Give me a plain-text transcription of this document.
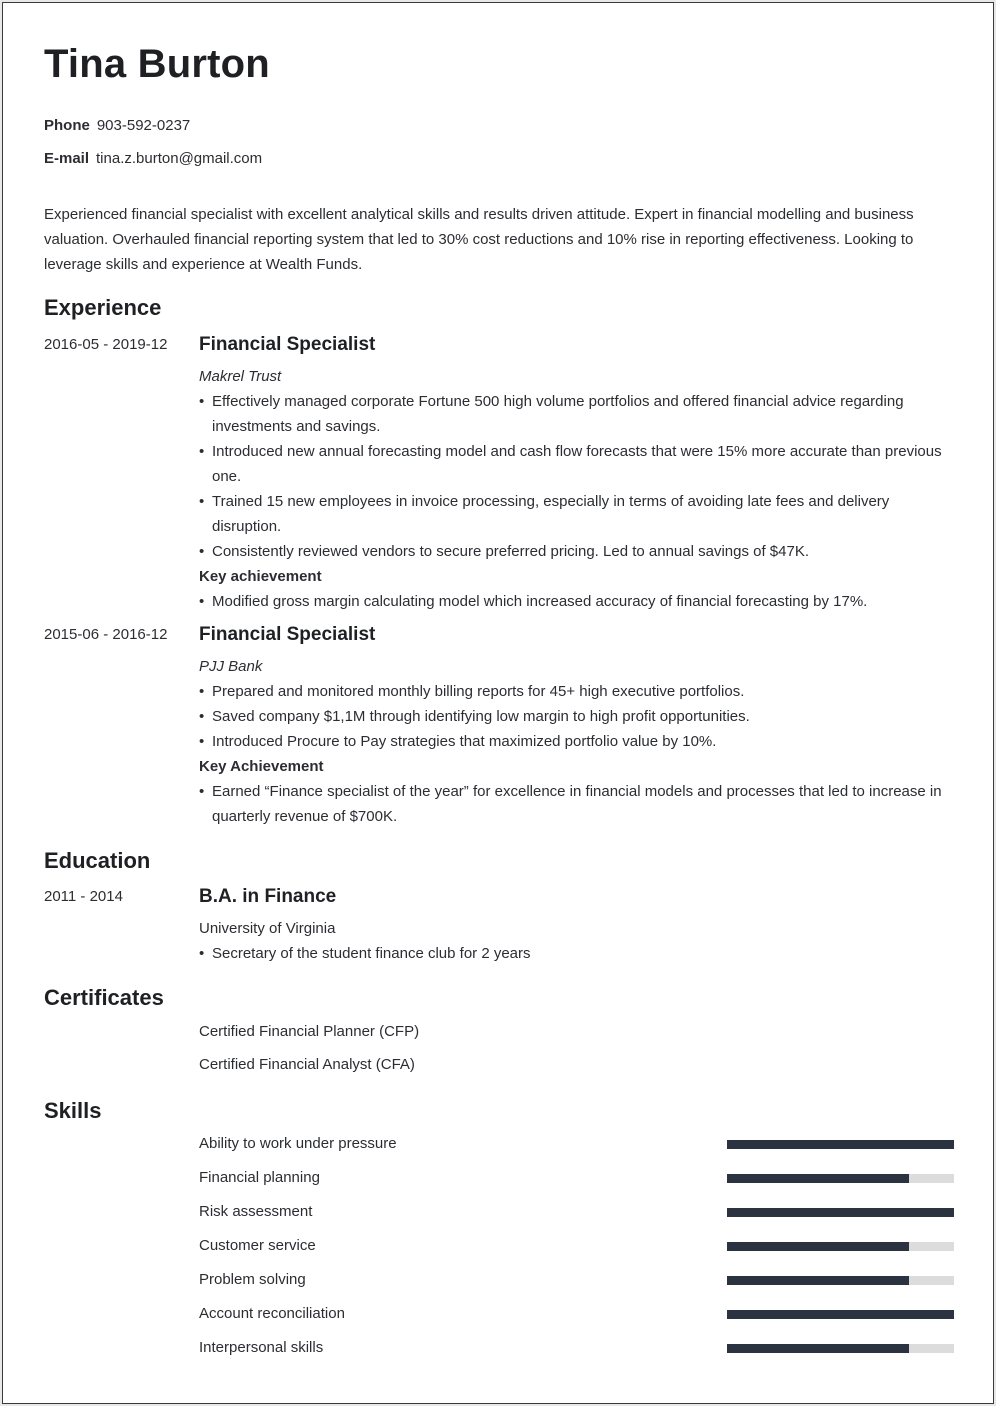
Tina Burton
Phone 903-592-0237
E-mail tina.z.burton@gmail.com

Experienced financial specialist with excellent analytical skills and results driven attitude. Expert in financial modelling and business valuation. Overhauled financial reporting system that led to 30% cost reductions and 10% rise in reporting effectiveness. Looking to leverage skills and experience at Wealth Funds.

Experience
2016-05 - 2019-12 Financial Specialist

Makrel Trust

• Effectively managed corporate Fortune 500 high volume portfolios and offered financial advice regarding investments and savings.
• Introduced new annual forecasting model and cash flow forecasts that were 15% more accurate than previous one.
• Trained 15 new employees in invoice processing, especially in terms of avoiding late fees and delivery disruption.
• Consistently reviewed vendors to secure preferred pricing. Led to annual savings of $47K.

Key achievement

• Modified gross margin calculating model which increased accuracy of financial forecasting by 17%.
2015-06 - 2016-12 Financial Specialist

PJJ Bank

• Prepared and monitored monthly billing reports for 45+ high executive portfolios.
• Saved company $1,1M through identifying low margin to high profit opportunities.
• Introduced Procure to Pay strategies that maximized portfolio value by 10%.

Key Achievement

• Earned “Finance specialist of the year” for excellence in financial models and processes that led to increase in quarterly revenue of $700K.
Education
2011 - 2014	B.A. in Finance

University of Virginia

• Secretary of the student finance club for 2 years
Certificates
Certified Financial Planner (CFP)
Certified Financial Analyst (CFA)
Skills
Ability to work under pressure
Financial planning
Risk assessment
Customer service
Problem solving
Account reconciliation
Interpersonal skills
